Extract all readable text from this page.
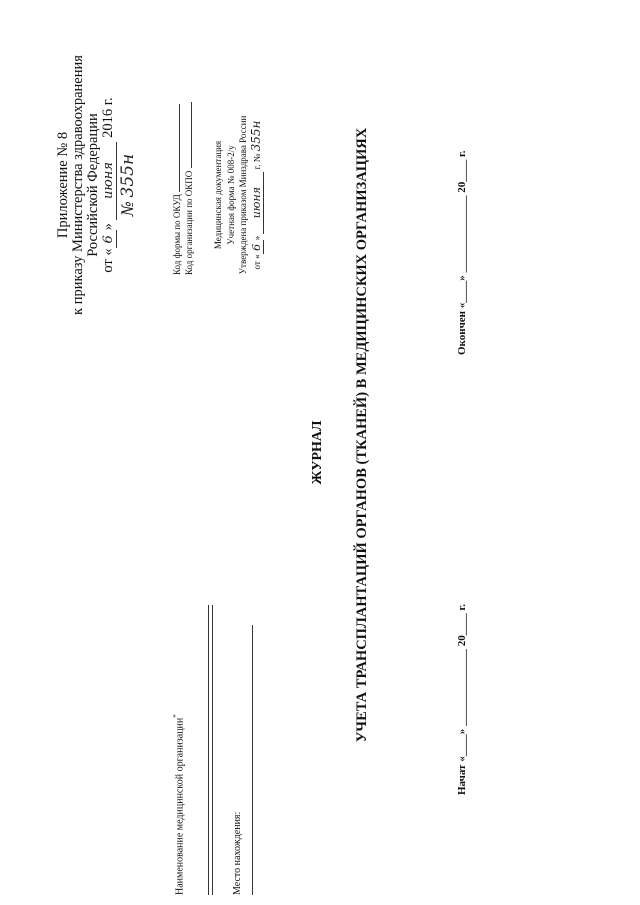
Приложение № 8 к приказу Министерства здравоохранения Российской Федерации
от «6» июня 2016 г.
№ 355н
Код формы по ОКУД Код организации по ОКПО Медицинская документация Учетная форма № 008-2/у Утверждена приказом Минздрава России от «6» июня г. № 355н
Наименование медицинской организации*
Место нахождения:
ЖУРНАЛ УЧЕТА ТРАНСПЛАНТАЦИЙ ОРГАНОВ (ТКАНЕЙ) В МЕДИЦИНСКИХ ОРГАНИЗАЦИЯХ	Начат «____» ______________ 20____ г.
Окончен «____» ______________ 20____ г.
